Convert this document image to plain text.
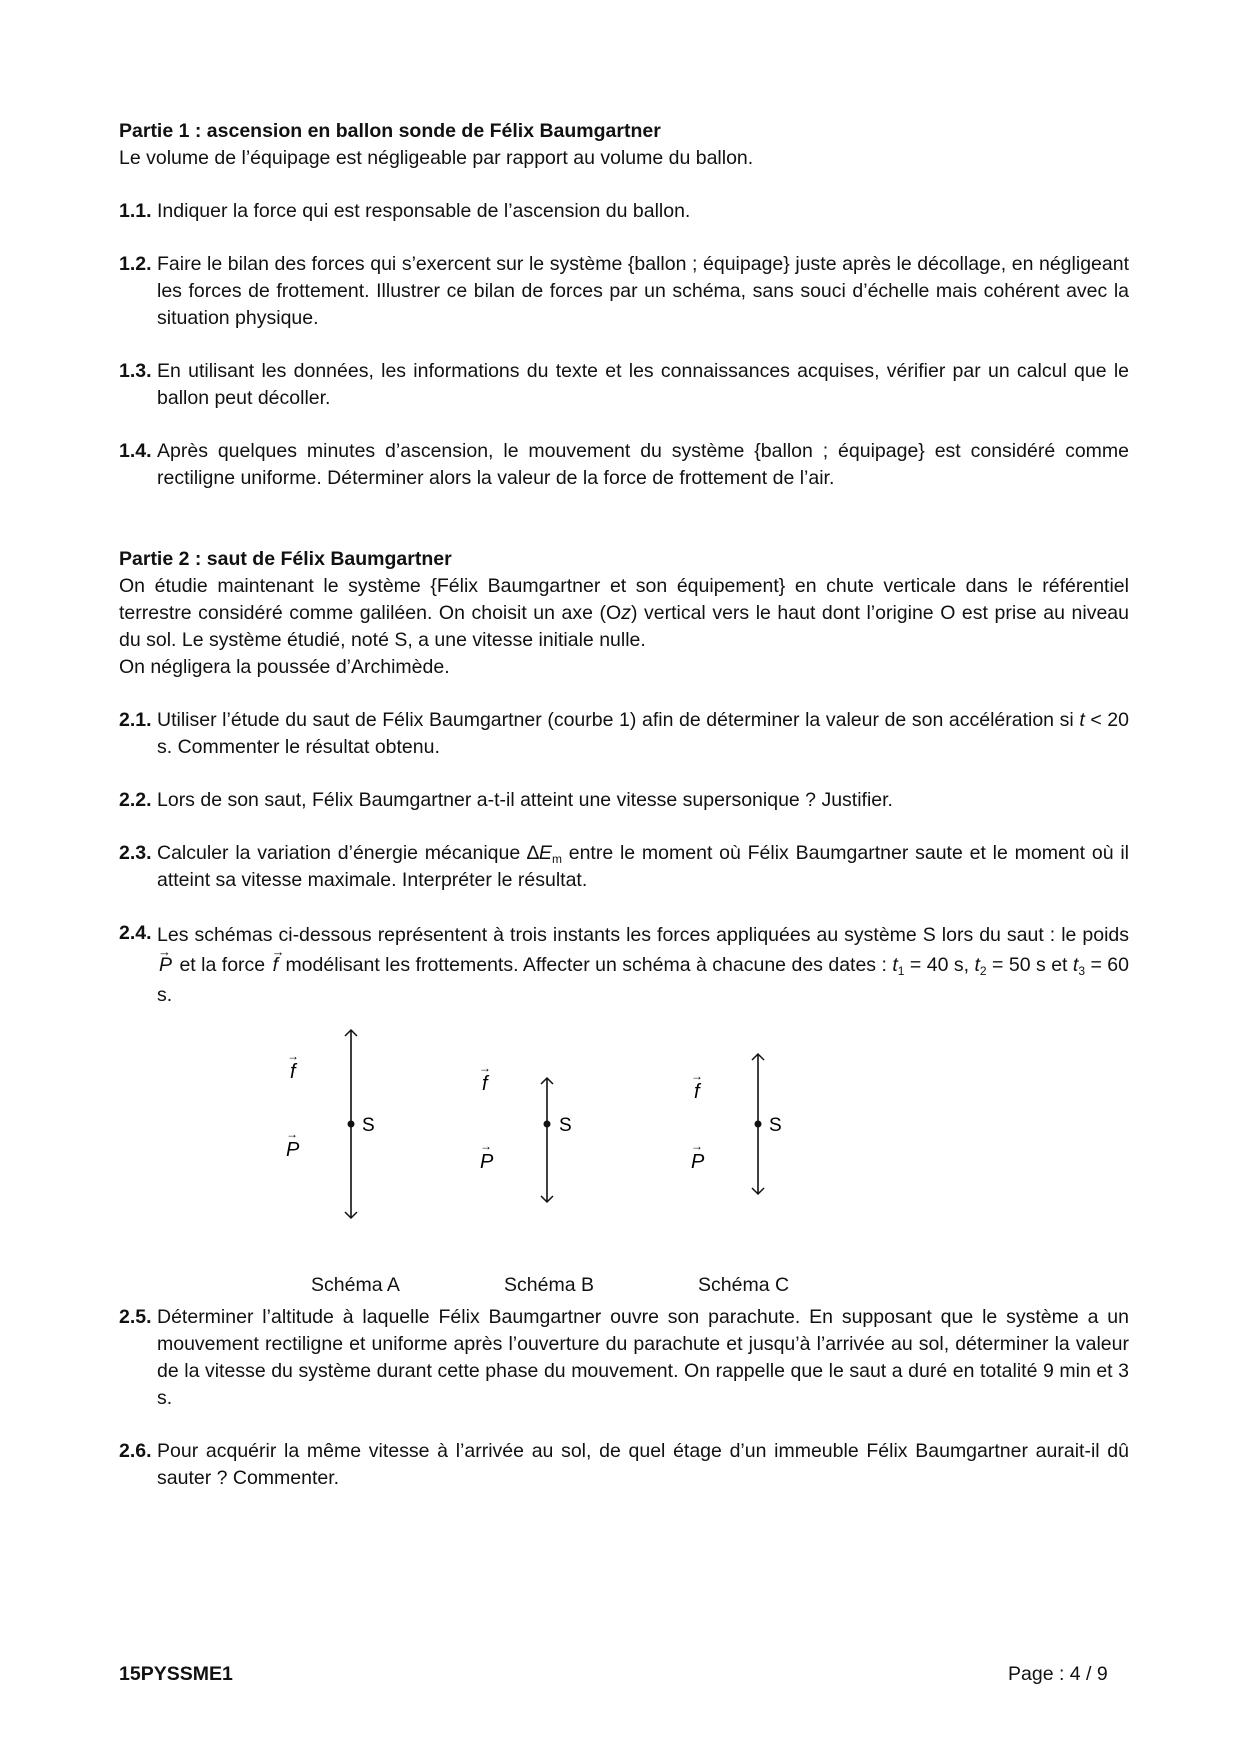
Partie 1 : ascension en ballon sonde de Félix Baumgartner

Le volume de l’équipage est négligeable par rapport au volume du ballon.

1.1. Indiquer la force qui est responsable de l’ascension du ballon.
1.2. Faire le bilan des forces qui s’exercent sur le système {ballon ; équipage} juste après le décollage, en négligeant les forces de frottement. Illustrer ce bilan de forces par un schéma, sans souci d’échelle mais cohérent avec la situation physique.
1.3. En utilisant les données, les informations du texte et les connaissances acquises, vérifier par un calcul que le ballon peut décoller.
1.4. Après quelques minutes d’ascension, le mouvement du système {ballon ; équipage} est considéré comme rectiligne uniforme. Déterminer alors la valeur de la force de frottement de l’air.

Partie 2 : saut de Félix Baumgartner

On étudie maintenant le système {Félix Baumgartner et son équipement} en chute verticale dans le référentiel terrestre considéré comme galiléen. On choisit un axe (Oz) vertical vers le haut dont l’origine O est prise au niveau du sol. Le système étudié, noté S, a une vitesse initiale nulle.

On négligera la poussée d’Archimède.

2.1. Utiliser l’étude du saut de Félix Baumgartner (courbe 1) afin de déterminer la valeur de son accélération si t < 20 s. Commenter le résultat obtenu.
2.2. Lors de son saut, Félix Baumgartner a-t-il atteint une vitesse supersonique ? Justifier.
2.3. Calculer la variation d’énergie mécanique $\Delta E_m$ entre le moment où Félix Baumgartner saute et le moment où il atteint sa vitesse maximale. Interpréter le résultat.
2.4. Les schémas ci-dessous représentent à trois instants les forces appliquées au système S lors du saut : le poids → P et la force → f modélisant les frottements. Affecter un schéma à chacune des dates : $t_1 = 40$ s, $t_2 = 50$ s et $t_3 = 60$ s.
S
f
→
P
→	S
f
→
P
→
S
f
→
P
→
Schéma A	Schéma B	Schéma C
2.5. Déterminer l’altitude à laquelle Félix Baumgartner ouvre son parachute. En supposant que le système a un mouvement rectiligne et uniforme après l’ouverture du parachute et jusqu’à l’arrivée au sol, déterminer la valeur de la vitesse du système durant cette phase du mouvement. On rappelle que le saut a duré en totalité 9 min et 3 s.
2.6. Pour acquérir la même vitesse à l’arrivée au sol, de quel étage d’un immeuble Félix Baumgartner aurait-il dû sauter ? Commenter.
15PYSSME1	Page : 4 / 9
